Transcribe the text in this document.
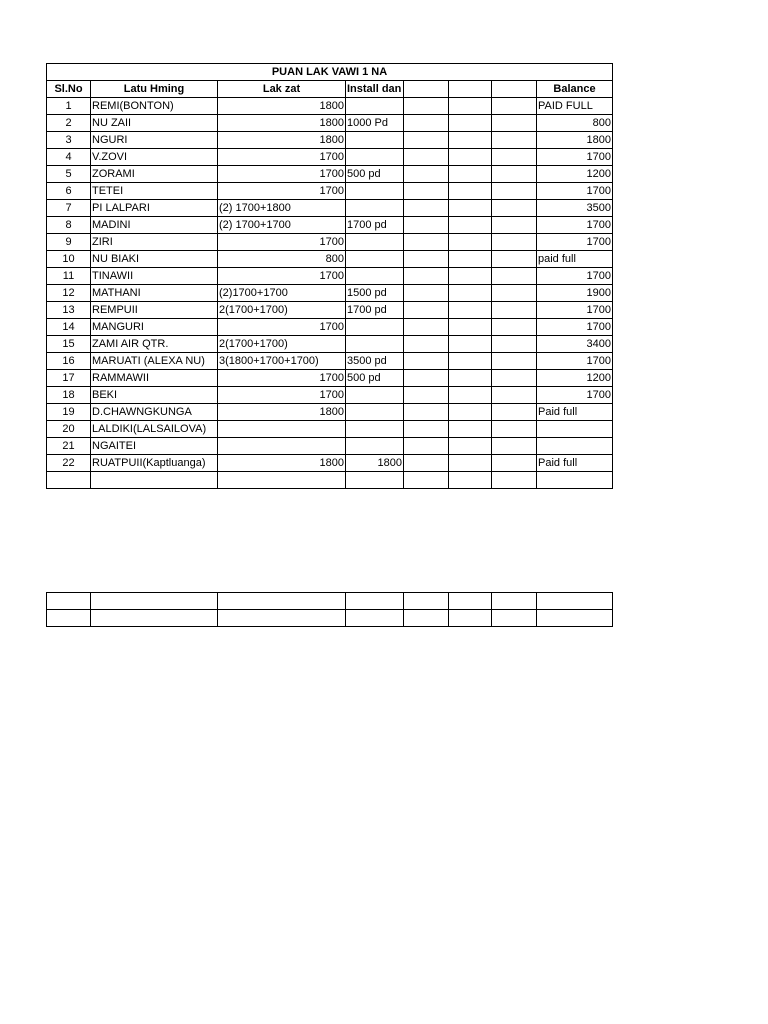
PUAN LAK VAWI 1 NA							
Sl.No	Latu Hming	Lak zat	Install dan				Balance
1	REMI(BONTON)	1800					PAID FULL
2	NU ZAII	1800	1000 Pd				800
3	NGURI	1800					1800
4	V.ZOVI	1700					1700
5	ZORAMI	1700	500 pd				1200
6	TETEI	1700					1700
7	PI LALPARI	(2) 1700+1800					3500
8	MADINI	(2) 1700+1700	1700 pd				1700
9	ZIRI	1700					1700
10	NU BIAKI	800					paid full
11	TINAWII	1700					1700
12	MATHANI	(2)1700+1700	1500 pd				1900
13	REMPUII	2(1700+1700)	1700 pd				1700
14	MANGURI	1700					1700
15	ZAMI AIR QTR.	2(1700+1700)					3400
16	MARUATI (ALEXA NU)	3(1800+1700+1700)	3500 pd				1700
17	RAMMAWII	1700	500 pd				1200
18	BEKI	1700					1700
19	D.CHAWNGKUNGA	1800					Paid full
20	LALDIKI(LALSAILOVA)						
21	NGAITEI						
22	RUATPUII(Kaptluanga)	1800	1800				Paid full
